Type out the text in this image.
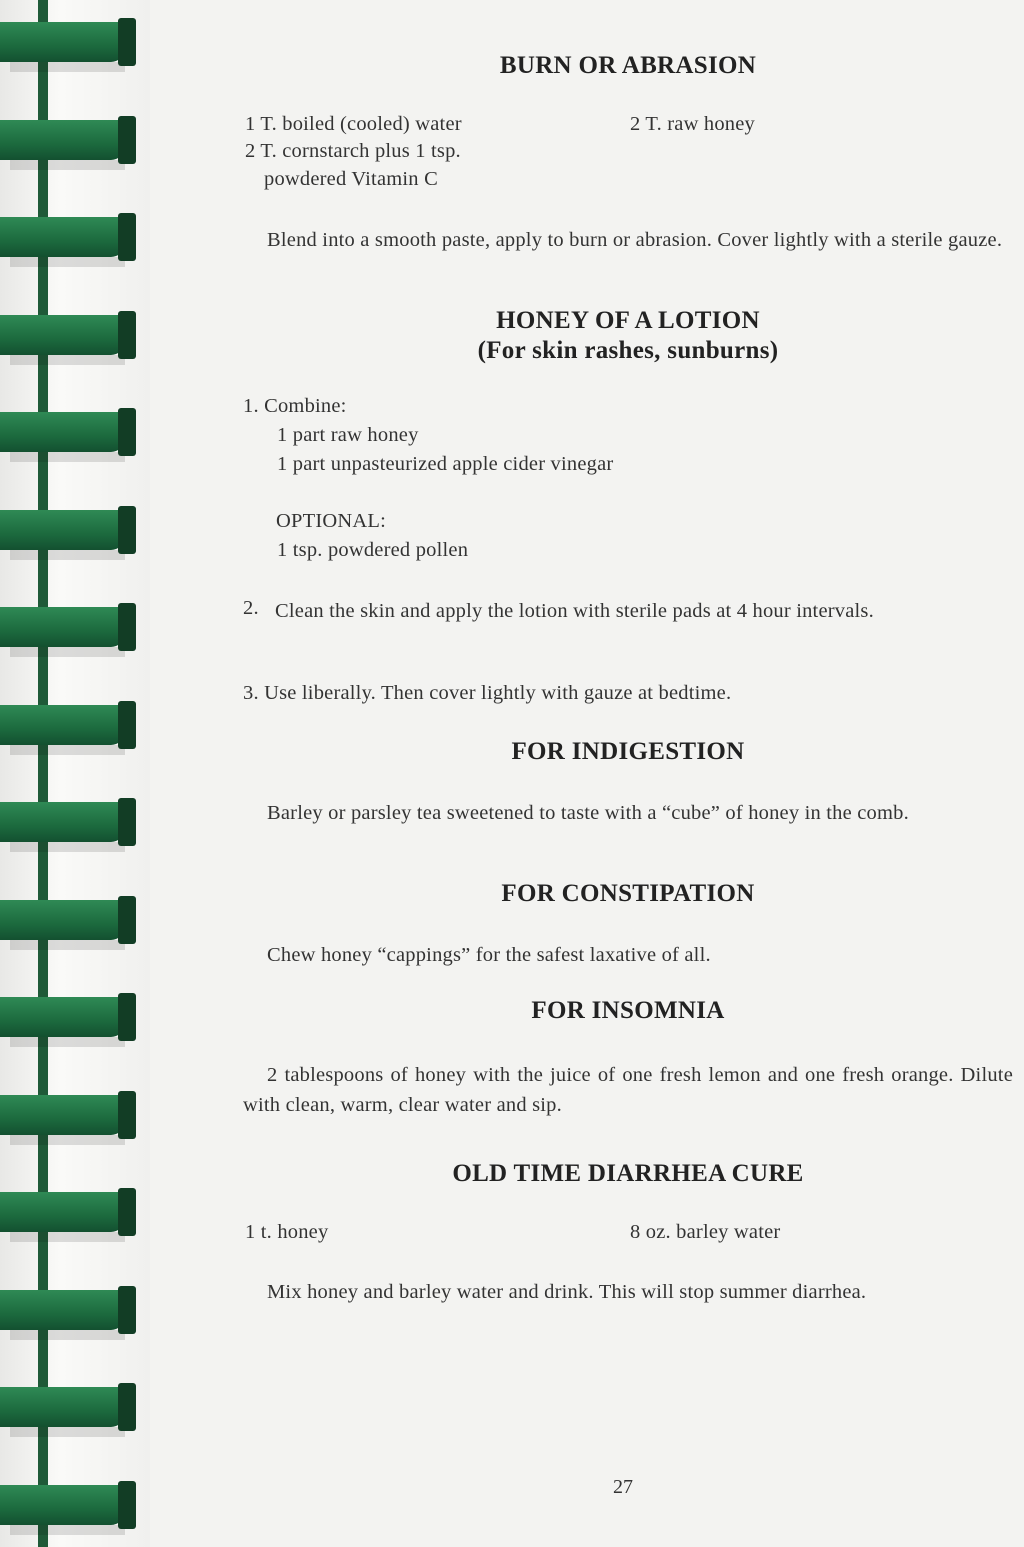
BURN OR ABRASION
1 T. boiled (cooled) water
2 T. cornstarch plus 1 tsp.
powdered Vitamin C
2 T. raw honey
Blend into a smooth paste, apply to burn or abrasion. Cover lightly with a sterile gauze.
HONEY OF A LOTION
(For skin rashes, sunburns)
1. Combine:
1 part raw honey
1 part unpasteurized apple cider vinegar
OPTIONAL:
1 tsp. powdered pollen
2. Clean the skin and apply the lotion with sterile pads at 4 hour intervals.
3. Use liberally. Then cover lightly with gauze at bedtime.
FOR INDIGESTION
Barley or parsley tea sweetened to taste with a “cube” of honey in the comb.
FOR CONSTIPATION
Chew honey “cappings” for the safest laxative of all.
FOR INSOMNIA
2 tablespoons of honey with the juice of one fresh lemon and one fresh orange. Dilute with clean, warm, clear water and sip.
OLD TIME DIARRHEA CURE
1 t. honey	8 oz. barley water
Mix honey and barley water and drink. This will stop summer diarrhea.
27
